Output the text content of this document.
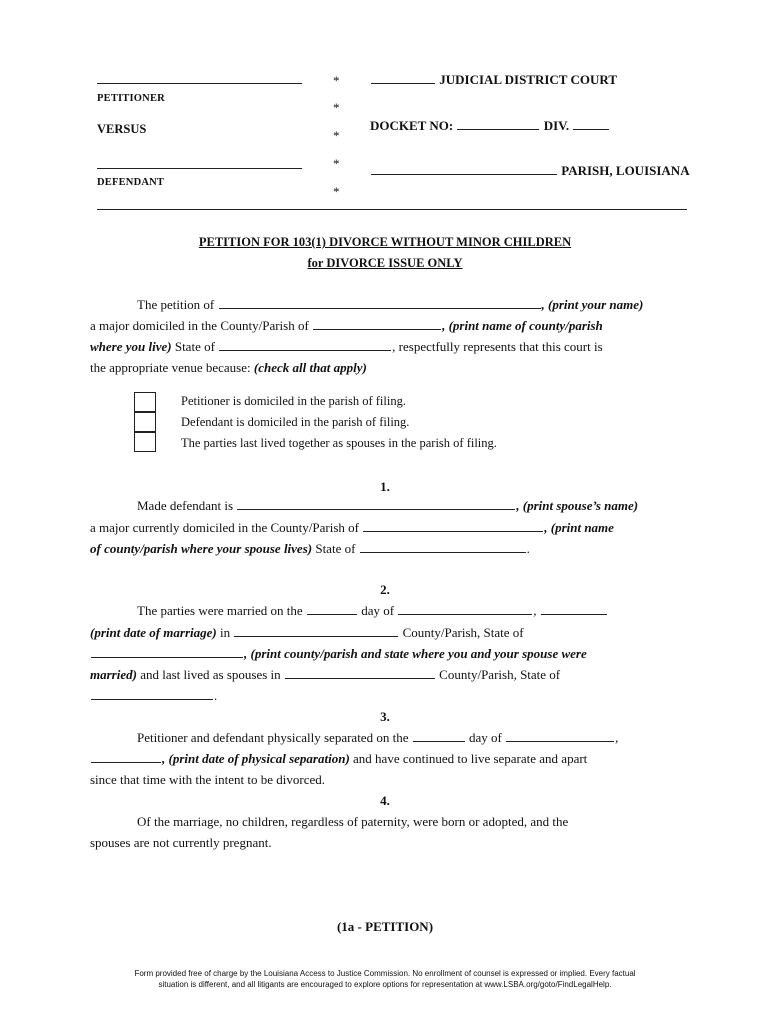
PETITIONER
VERSUS
DEFENDANT
*
*
*
*
*
JUDICIAL DISTRICT COURT
DOCKET NO:	DIV.
PARISH, LOUISIANA
PETITION FOR 103(1) DIVORCE WITHOUT MINOR CHILDREN
for DIVORCE ISSUE ONLY
The petition of	, (print your name)
a major domiciled in the County/Parish of	, (print name of county/parish
where you live) State of	, respectfully represents that this court is
the appropriate venue because: (check all that apply)
Petitioner is domiciled in the parish of filing.
Defendant is domiciled in the parish of filing.
The parties last lived together as spouses in the parish of filing.
1.
Made defendant is	, (print spouse’s name)
a major currently domiciled in the County/Parish of	, (print name
of county/parish where your spouse lives) State of	.
2.
The parties were married on the	day of	,
(print date of marriage) in	County/Parish, State of
, (print county/parish and state where you and your spouse were
married) and last lived as spouses in	County/Parish, State of
.
3.
Petitioner and defendant physically separated on the	day of	,
, (print date of physical separation) and have continued to live separate and apart
since that time with the intent to be divorced.
4.
Of the marriage, no children, regardless of paternity, were born or adopted, and the
spouses are not currently pregnant.
(1a - PETITION)
Form provided free of charge by the Louisiana Access to Justice Commission. No enrollment of counsel is expressed or implied. Every factual
situation is different, and all litigants are encouraged to explore options for representation at www.LSBA.org/goto/FindLegalHelp.
